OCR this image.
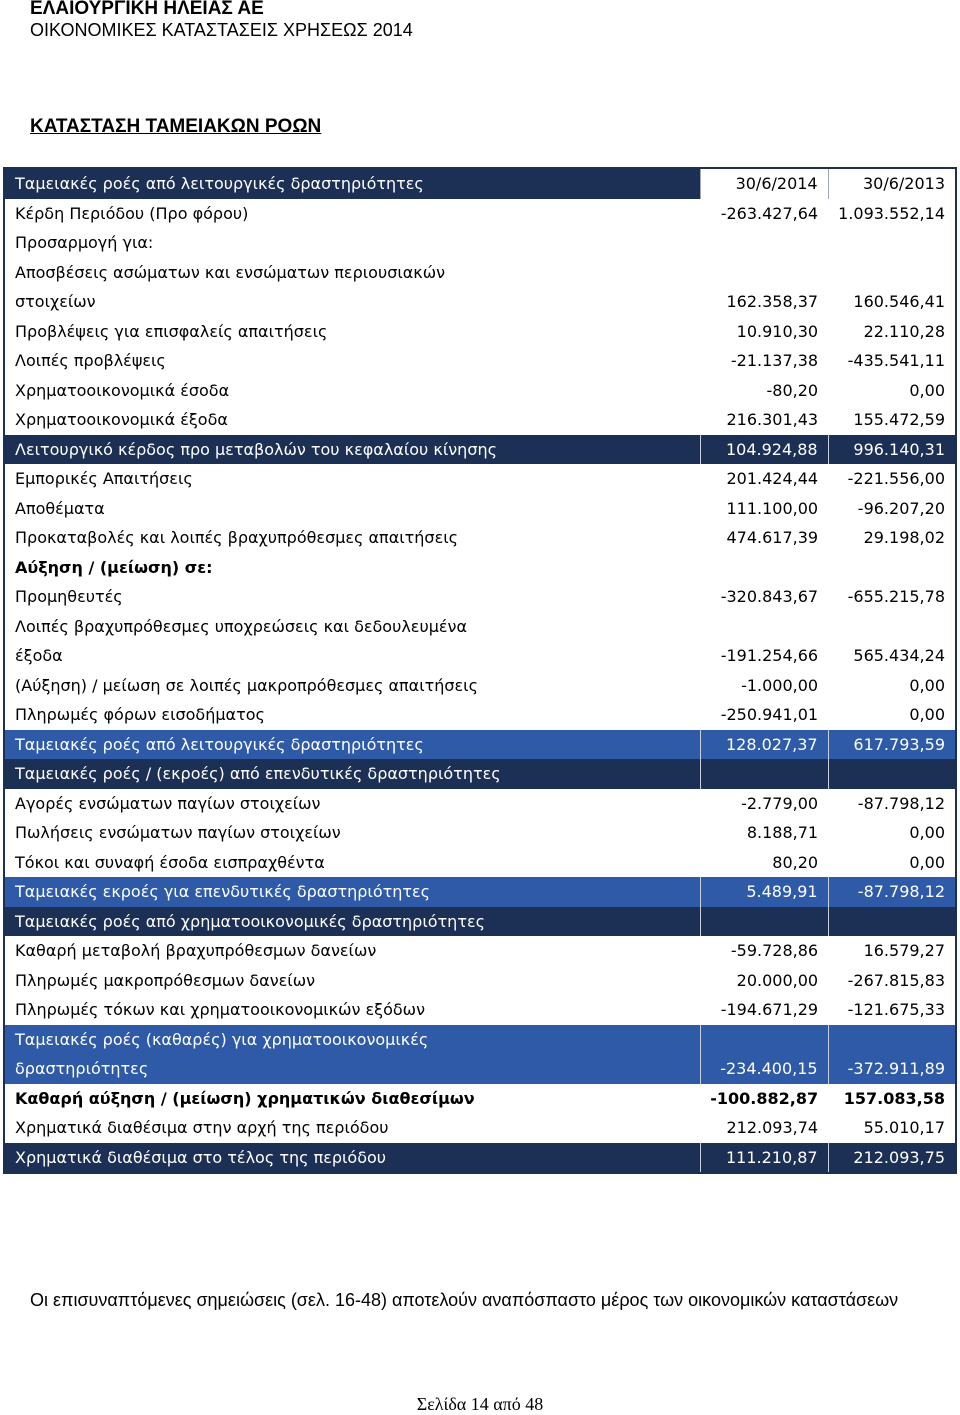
ΕΛΑΙΟΥΡΓΙΚΗ ΗΛΕΙΑΣ ΑΕ
ΟΙΚΟΝΟΜΙΚΕΣ ΚΑΤΑΣΤΑΣΕΙΣ ΧΡΗΣΕΩΣ 2014
ΚΑΤΑΣΤΑΣΗ ΤΑΜΕΙΑΚΩΝ ΡΟΩΝ
Ταμειακές ροές από λειτουργικές δραστηριότητες	30/6/2014	30/6/2013
Κέρδη Περιόδου (Προ φόρου)	-263.427,64	1.093.552,14
Προσαρμογή για:		
Αποσβέσεις ασώματων και ενσώματων περιουσιακών		
στοιχείων	162.358,37	160.546,41
Προβλέψεις για επισφαλείς απαιτήσεις	10.910,30	22.110,28
Λοιπές προβλέψεις	-21.137,38	-435.541,11
Χρηματοοικονομικά έσοδα	-80,20	0,00
Χρηματοοικονομικά έξοδα	216.301,43	155.472,59
Λειτουργικό κέρδος προ μεταβολών του κεφαλαίου κίνησης	104.924,88	996.140,31
Εμπορικές Απαιτήσεις	201.424,44	-221.556,00
Αποθέματα	111.100,00	-96.207,20
Προκαταβολές και λοιπές βραχυπρόθεσμες απαιτήσεις	474.617,39	29.198,02
Αύξηση / (μείωση) σε:		
Προμηθευτές	-320.843,67	-655.215,78
Λοιπές βραχυπρόθεσμες υποχρεώσεις και δεδουλευμένα		
έξοδα	-191.254,66	565.434,24
(Αύξηση) / μείωση σε λοιπές μακροπρόθεσμες απαιτήσεις	-1.000,00	0,00
Πληρωμές φόρων εισοδήματος	-250.941,01	0,00
Ταμειακές ροές από λειτουργικές δραστηριότητες	128.027,37	617.793,59
Ταμειακές ροές / (εκροές) από επενδυτικές δραστηριότητες		
Αγορές ενσώματων παγίων στοιχείων	-2.779,00	-87.798,12
Πωλήσεις ενσώματων παγίων στοιχείων	8.188,71	0,00
Τόκοι και συναφή έσοδα εισπραχθέντα	80,20	0,00
Ταμειακές εκροές για επενδυτικές δραστηριότητες	5.489,91	-87.798,12
Ταμειακές ροές από χρηματοοικονομικές δραστηριότητες		
Καθαρή μεταβολή βραχυπρόθεσμων δανείων	-59.728,86	16.579,27
Πληρωμές μακροπρόθεσμων δανείων	20.000,00	-267.815,83
Πληρωμές τόκων και χρηματοοικονομικών εξόδων	-194.671,29	-121.675,33
Ταμειακές ροές (καθαρές) για χρηματοοικονομικές		
δραστηριότητες	-234.400,15	-372.911,89
Καθαρή αύξηση / (μείωση) χρηματικών διαθεσίμων	-100.882,87	157.083,58
Χρηματικά διαθέσιμα στην αρχή της περιόδου	212.093,74	55.010,17
Χρηματικά διαθέσιμα στο τέλος της περιόδου	111.210,87	212.093,75
Οι επισυναπτόμενες σημειώσεις (σελ. 16-48) αποτελούν αναπόσπαστο μέρος των οικονομικών καταστάσεων
Σελίδα 14 από 48
